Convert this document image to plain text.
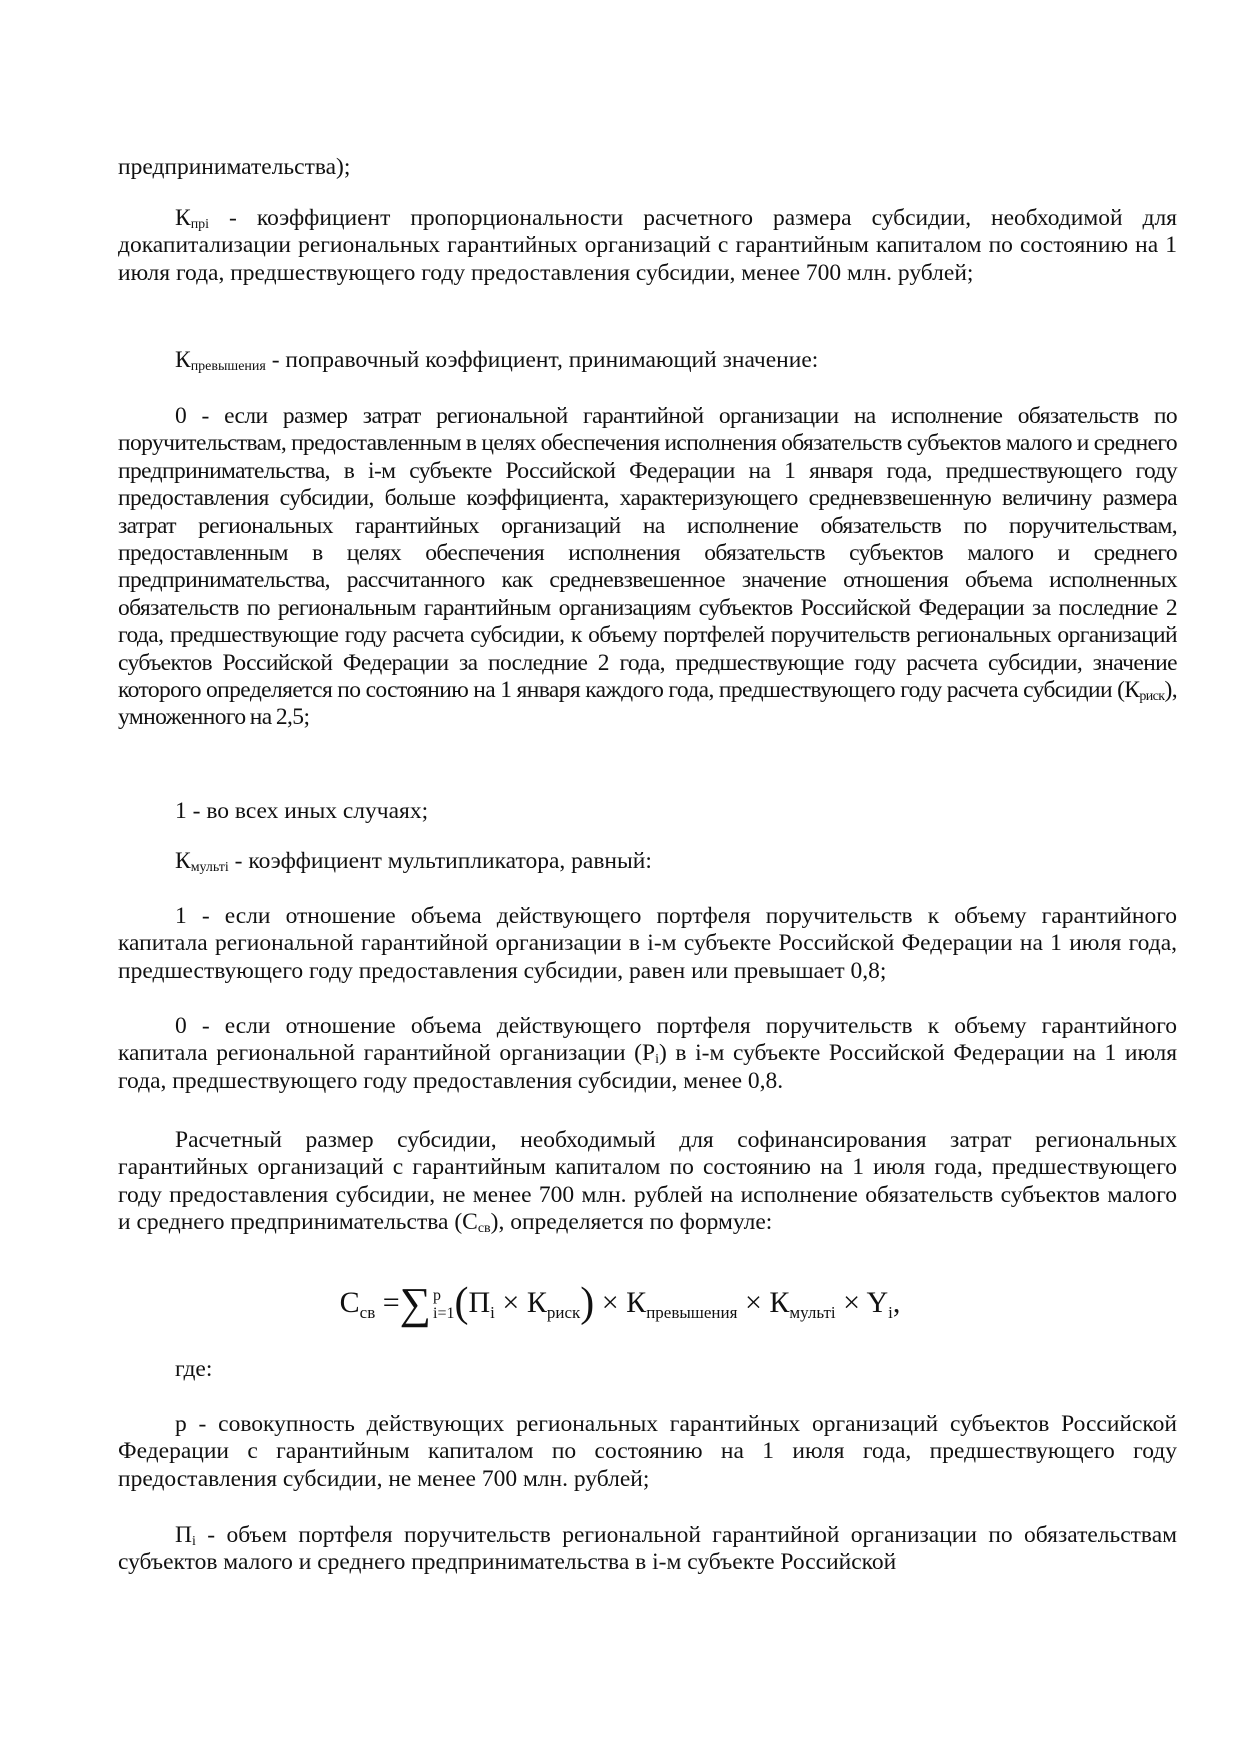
предпринимательства);

$К_{прi}$ - коэффициент пропорциональности расчетного размера субсидии, необходимой для докапитализации региональных гарантийных организаций с гарантийным капиталом по состоянию на 1 июля года, предшествующего году предоставления субсидии, менее 700 млн. рублей;

$К_{превышения}$ - поправочный коэффициент, принимающий значение:

0 - если размер затрат региональной гарантийной организации на исполнение обязательств по поручительствам, предоставленным в целях обеспечения исполнения обязательств субъектов малого и среднего предпринимательства, в i-м субъекте Российской Федерации на 1 января года, предшествующего году предоставления субсидии, больше коэффициента, характеризующего средневзвешенную величину размера затрат региональных гарантийных организаций на исполнение обязательств по поручительствам, предоставленным в целях обеспечения исполнения обязательств субъектов малого и среднего предпринимательства, рассчитанного как средневзвешенное значение отношения объема исполненных обязательств по региональным гарантийным организациям субъектов Российской Федерации за последние 2 года, предшествующие году расчета субсидии, к объему портфелей поручительств региональных организаций субъектов Российской Федерации за последние 2 года, предшествующие году расчета субсидии, значение которого определяется по состоянию на 1 января каждого года, предшествующего году расчета субсидии $(К_{риск})$, умноженного на 2,5;

1 - во всех иных случаях;

$К_{мультi}$ - коэффициент мультипликатора, равный:

1 - если отношение объема действующего портфеля поручительств к объему гарантийного капитала региональной гарантийной организации в i-м субъекте Российской Федерации на 1 июля года, предшествующего году предоставления субсидии, равен или превышает 0,8;

0 - если отношение объема действующего портфеля поручительств к объему гарантийного капитала региональной гарантийной организации $(Р_i)$ в i-м субъекте Российской Федерации на 1 июля года, предшествующего году предоставления субсидии, менее 0,8.

Расчетный размер субсидии, необходимый для софинансирования затрат региональных гарантийных организаций с гарантийным капиталом по состоянию на 1 июля года, предшествующего году предоставления субсидии, не менее 700 млн. рублей на исполнение обязательств субъектов малого и среднего предпринимательства $(С_{св})$, определяется по формуле:

$С_{св}$ =∑ р
$i=1(П_i \times К_{риск}) \times К_{превышения} \times К_{мультi} \times Y_i$,

где:

р - совокупность действующих региональных гарантийных организаций субъектов Российской Федерации с гарантийным капиталом по состоянию на 1 июля года, предшествующего году предоставления субсидии, не менее 700 млн. рублей;

$П_i$ - объем портфеля поручительств региональной гарантийной организации по обязательствам субъектов малого и среднего предпринимательства в i-м субъекте Российской
